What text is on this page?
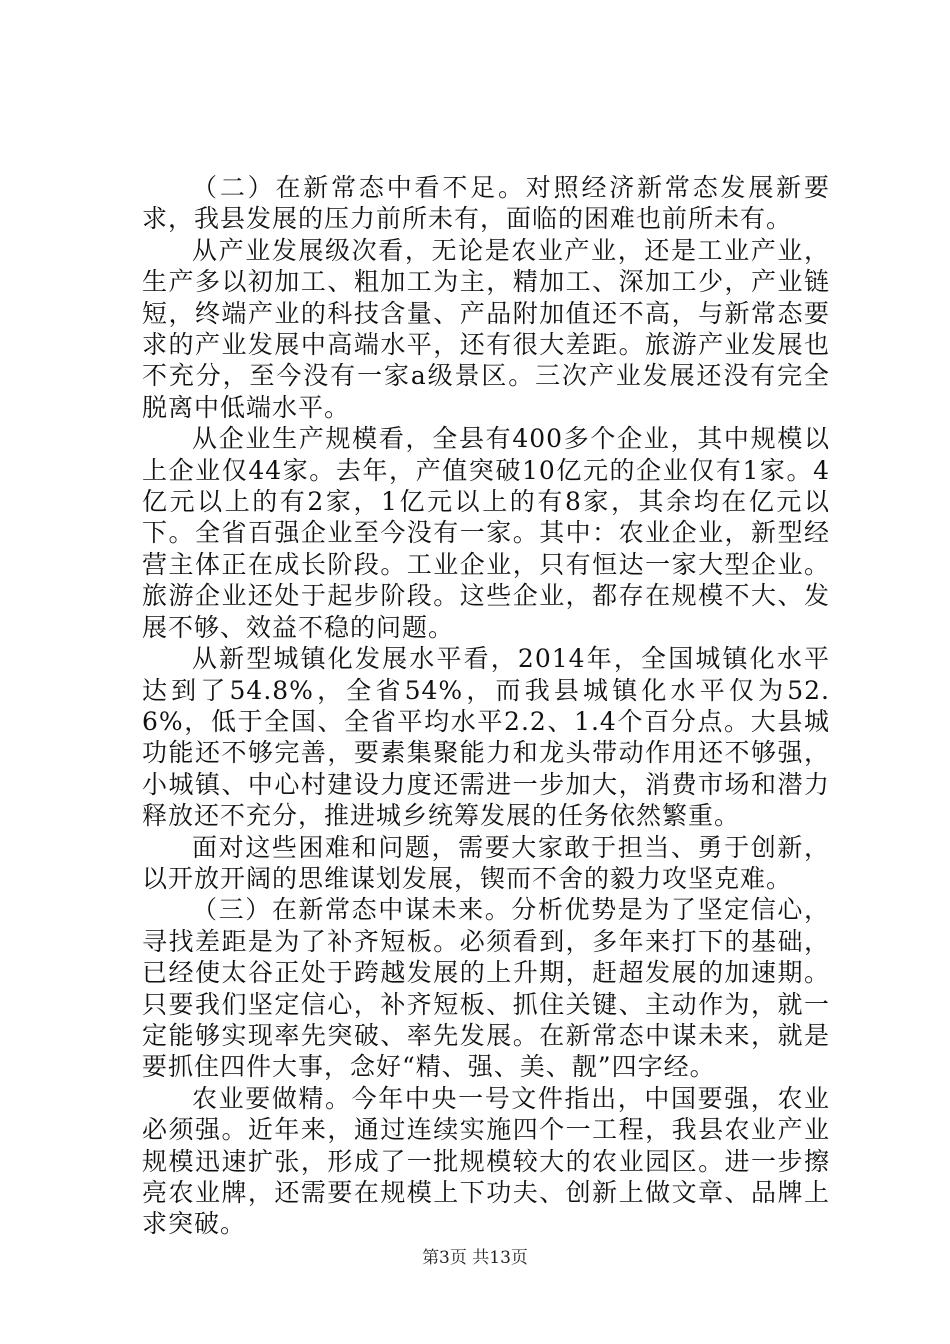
（二）在新常态中看不足。对照经济新常态发展新要求，我县发展的压力前所未有，面临的困难也前所未有。

从产业发展级次看，无论是农业产业，还是工业产业，生产多以初加工、粗加工为主，精加工、深加工少，产业链短，终端产业的科技含量、产品附加值还不高，与新常态要求的产业发展中高端水平，还有很大差距。旅游产业发展也不充分，至今没有一家a级景区。三次产业发展还没有完全脱离中低端水平。

从企业生产规模看，全县有400多个企业，其中规模以上企业仅44家。去年，产值突破10亿元的企业仅有1家。4亿元以上的有2家，1亿元以上的有8家，其余均在亿元以下。全省百强企业至今没有一家。其中：农业企业，新型经营主体正在成长阶段。工业企业，只有恒达一家大型企业。旅游企业还处于起步阶段。这些企业，都存在规模不大、发展不够、效益不稳的问题。

从新型城镇化发展水平看，2014年，全国城镇化水平达到了54.8%，全省54%，而我县城镇化水平仅为52.6%，低于全国、全省平均水平2.2、1.4个百分点。大县城功能还不够完善，要素集聚能力和龙头带动作用还不够强，小城镇、中心村建设力度还需进一步加大，消费市场和潜力释放还不充分，推进城乡统筹发展的任务依然繁重。

面对这些困难和问题，需要大家敢于担当、勇于创新，以开放开阔的思维谋划发展，锲而不舍的毅力攻坚克难。

（三）在新常态中谋未来。分析优势是为了坚定信心，寻找差距是为了补齐短板。必须看到，多年来打下的基础，已经使太谷正处于跨越发展的上升期，赶超发展的加速期。只要我们坚定信心，补齐短板、抓住关键、主动作为，就一定能够实现率先突破、率先发展。在新常态中谋未来，就是要抓住四件大事，念好“精、强、美、靓”四字经。

农业要做精。今年中央一号文件指出，中国要强，农业必须强。近年来，通过连续实施四个一工程，我县农业产业规模迅速扩张，形成了一批规模较大的农业园区。进一步擦亮农业牌，还需要在规模上下功夫、创新上做文章、品牌上求突破。

第3页 共13页
